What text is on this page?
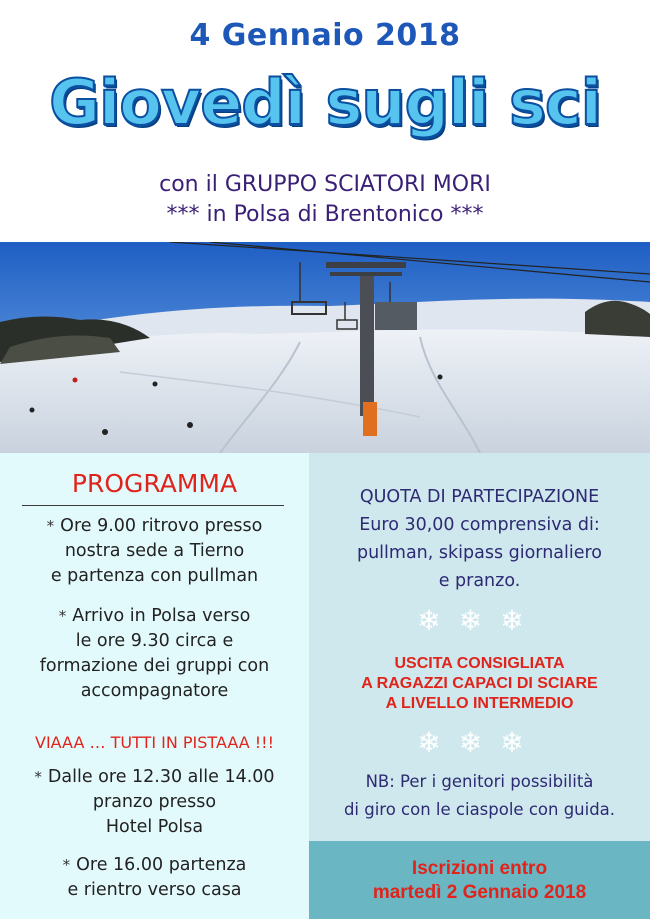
4 Gennaio 2018
Giovedì sugli sci
con il GRUPPO SCIATORI MORI
*** in Polsa di Brentonico ***
PROGRAMMA
* Ore 9.00 ritrovo presso
nostra sede a Tierno
e partenza con pullman
* Arrivo in Polsa verso
le ore 9.30 circa e
formazione dei gruppi con
accompagnatore
VIAAA … TUTTI IN PISTAAA !!!
* Dalle ore 12.30 alle 14.00
pranzo presso
Hotel Polsa
* Ore 16.00 partenza
e rientro verso casa
QUOTA DI PARTECIPAZIONE
Euro 30,00 comprensiva di:
pullman, skipass giornaliero
e pranzo.
❄❄❄
USCITA CONSIGLIATA
A RAGAZZI CAPACI DI SCIARE
A LIVELLO INTERMEDIO
❄❄❄
NB: Per i genitori possibilità
di giro con le ciaspole con guida.
Iscrizioni entro
martedì 2 Gennaio 2018
